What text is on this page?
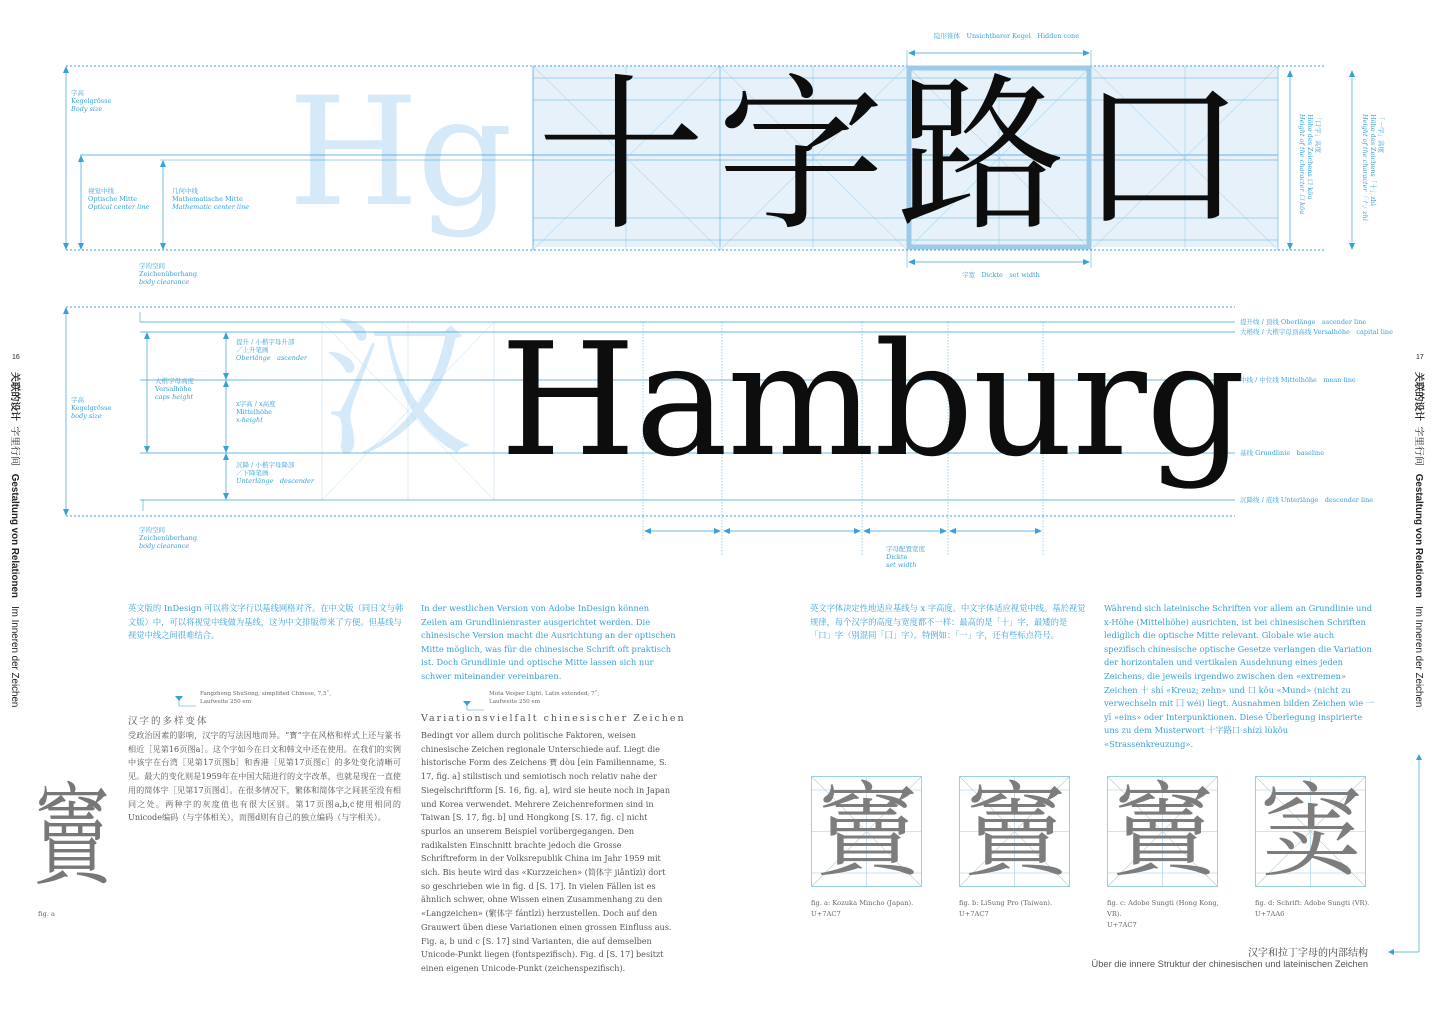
Hg
汉
十字路口
Hamburg
字高
Kegelgrösse
Body size
视觉中线
Optische Mitte
Optical center line
几何中线
Mathematische Mitte
Mathematic center line
字的空间
Zeichenüberhang
body clearance
隐形锥体　Unsichtbarer Kegel　Hidden cone
字宽　Dickte　set width
「口字」高度
Höhe des Zeichens 口 kōu
Height of the character 口 kōu	「一字」高度
Höhe des Zeichens「十」zhì
Height of the character「十」zhì
字高
Kegelgrösse
body size
大楷字母高度
Versalhöhe
caps height
提升 / 小楷字母升部
／上升笔画
Oberlänge　ascender
x字高 / x高度
Mittelhöhe
x-height
沉降 / 小楷字母降部
／下降笔画
Unterlänge　descender
字的空间
Zeichenüberhang
body clearance
提升线 / 顶线 Oberlänge　ascender line
大楷线 / 大楷字母顶高线 Versalhöhe　capital line
中线 / 中位线 Mittelhöhe　mean line
基线 Grundlinie　baseline
沉降线 / 底线 Unterlänge　descender line
字母配置宽度
Dickte
set width
16
关联的设计  字里行间   Gestaltung von Relationen   Im Inneren der Zeichen
17
关联的设计  字里行间   Gestaltung von Relationen   Im Inneren der Zeichen

英文版的 InDesign 可以将文字行以基线网格对齐。在中文版（同日文与韩文版）中，可以将视觉中线做为基线，这为中文排版带来了方便。但基线与视觉中线之间很难结合。

In der westlichen Version von Adobe InDesign können Zeilen am Grundlinienraster ausgerichtet werden. Die chinesische Version macht die Ausrichtung an der optischen Mitte möglich, was für die chinesische Schrift oft praktisch ist. Doch Grundlinie und optische Mitte lassen sich nur schwer miteinander vereinbaren.

英文字体决定性地适应基线与 x 字高度。中文字体适应视觉中线。基於视觉规律，每个汉字的高度与宽度都不一样：最高的是「十」字，最矮的是「口」字（别混同「囗」字）。特例如：「一」字，还有些标点符号。

Während sich lateinische Schriften vor allem an Grundlinie und x-Höhe (Mittelhöhe) ausrichten, ist bei chinesischen Schriften lediglich die optische Mitte relevant. Globale wie auch spezifisch chinesische optische Gesetze verlangen die Variation der horizontalen und vertikalen Ausdehnung eines jeden Zeichens, die jeweils irgendwo zwischen den «extremen» Zeichen 十 shí «Kreuz; zehn» und 口 kǒu «Mund» (nicht zu verwechseln mit 囗 wéi) liegt. Ausnahmen bilden Zeichen wie 一 yī «eins» oder Interpunktionen. Diese Überlegung inspirierte uns zu dem Musterwort 十字路口 shízì lùkǒu «Strassenkreuzung».

Fangzheng ShuSong, simplified Chinese, 7,5˚, Laufweite 250 em
汉字的多样变体

受政治因素的影响，汉字的写法因地而异。“寳”字在风格和样式上还与篆书相近［见第16页图a］。这个字如今在日文和韩文中还在使用。在我们的实例中该字在台湾［见第17页图b］和香港［见第17页图c］的多处变化清晰可见。最大的变化则是1959年在中国大陆进行的文字改革，也就是现在一直使用的简体字［见第17页图d］。在很多情况下，繁体和简体字之间甚至没有相同之处。两种字的灰度值也有很大区别。第17页图a,b,c使用相同的Unicode编码（与字体相关），而图d则有自己的独立编码（与字相关）。

Mota Vesper Light, Latin extended, 7˚, Laufweite 250 em
Variationsvielfalt chinesischer Zeichen

Bedingt vor allem durch politische Faktoren, weisen chinesische Zeichen regionale Unterschiede auf. Liegt die historische Form des Zeichens 寶 dòu [ein Familienname, S. 17, fig. a] stilistisch und semiotisch noch relativ nahe der Siegelschriftform [S. 16, fig. a], wird sie heute noch in Japan und Korea verwendet. Mehrere Zeichenreformen sind in Taiwan [S. 17, fig. b] und Hongkong [S. 17, fig. c] nicht spurlos an unserem Beispiel vorübergegangen. Den radikalsten Einschnitt brachte jedoch die Grosse Schriftreform in der Volksrepublik China im Jahr 1959 mit sich. Bis heute wird das «Kurzzeichen» (简体字 jiǎntǐzì) dort so geschrieben wie in fig. d [S. 17]. In vielen Fällen ist es ähnlich schwer, ohne Wissen einen Zusammenhang zu den «Langzeichen» (繁体字 fántǐzì) herzustellen. Doch auf den Grauwert üben diese Variationen einen grossen Einfluss aus. Fig. a, b und c [S. 17] sind Varianten, die auf demselben Unicode-Punkt liegen (fontspezifisch). Fig. d [S. 17] besitzt einen eigenen Unicode-Punkt (zeichenspezifisch).

竇
fig. a
竇 竇 竇 窦
fig. a: Kozuka Mincho (Japan).
U+7AC7
fig. b: LiSung Pro (Taiwan).
U+7AC7
fig. c: Adobe Sungti (Hong Kong, VR).
U+7AC7
fig. d: Schrift: Adobe Sungti (VR).
U+7AA6
汉字和拉丁字母的内部结构
Über die innere Struktur der chinesischen und lateinischen Zeichen
